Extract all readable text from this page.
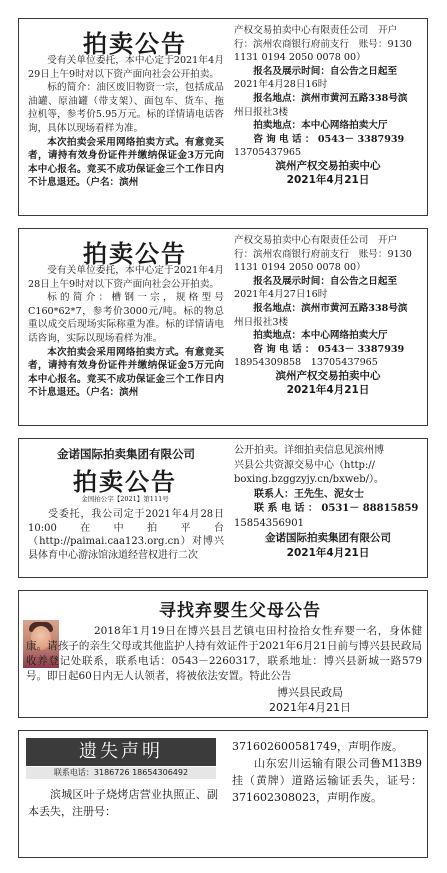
拍卖公告

受有关单位委托，本中心定于2021年4月29日上午9时对以下资产面向社会公开拍卖。

标的简介：油区废旧物资一宗，包括成品油罐、原油罐（带支架）、面包车、货车、拖拉机等，参考价5.95万元。标的详情请电话咨询，具体以现场看样为准。

本次拍卖会采用网络拍卖方式。有意竞买者，请持有效身份证件并缴纳保证金3万元向本中心报名。竞买不成功保证金三个工作日内不计息退还。（户名：滨州

产权交易拍卖中心有限责任公司　开户
行：滨州农商银行府前支行　账号：9130
1131 0194 2050 0078 00）
报名及展示时间：自公告之日起至
2021年4月28日16时
报名地点：滨州市黄河五路338号滨
州日报社3楼
拍卖地点：本中心网络拍卖大厅
咨 询 电 话 ： 0543－ 3387939
13705437965
滨州产权交易拍卖中心
2021年4月21日
拍卖公告

受有关单位委托，本中心定于2021年4月28日上午9时对以下资产面向社会公开拍卖。

标的简介：槽钢一宗，规格型号C160*62*7，参考价3000元/吨。标的物总重以成交后现场实际称重为准。标的详情请电话咨询，实际以现场看样为准。

本次拍卖会采用网络拍卖方式。有意竞买者，请持有效身份证件并缴纳保证金5万元向本中心报名。竞买不成功保证金三个工作日内不计息退还。（户名：滨州

产权交易拍卖中心有限责任公司　开户
行：滨州农商银行府前支行　账号：9130
1131 0194 2050 0078 00）
报名及展示时间：自公告之日起至
2021年4月27日16时
报名地点：滨州市黄河五路338号滨
州日报社3楼
拍卖地点：本中心网络拍卖大厅
咨 询 电 话 ： 0543－ 3387939
18954309858　13705437965
滨州产权交易拍卖中心
2021年4月21日
金诺国际拍卖集团有限公司
拍卖公告
金国拍公字【2021】第111号

受委托，我公司定于2021年4月28日10:00在中拍平台（http://paimai.caa123.org.cn）对博兴县体育中心游泳馆泳道经营权进行二次

公开拍卖。详细拍卖信息见滨州博
兴县公共资源交易中心（http://
boxing.bzggzyjy.cn/bxweb/）。
联系人：王先生、泥女士
联 系 电 话 ： 0531－ 88815859
15854356901
金诺国际拍卖集团有限公司
2021年4月21日
寻找弃婴生父母公告

2018年1月19日在博兴县吕艺镇屯田村捡拾女性弃婴一名，身体健康。请孩子的亲生父母或其他监护人持有效证件于2021年6月21日前与博兴县民政局收养登记处联系，联系电话：0543－2260317，联系地址：博兴县新城一路579号。即日起60日内无人认领者，将被依法安置。特此公告

博兴县民政局
2021年4月21日
遗失声明
联系电话：3186726 18654306492

滨城区叶子烧烤店营业执照正、副本丢失，注册号：

371602600581749，声明作废。

山东宏川运输有限公司鲁M13B9挂（黄牌）道路运输证丢失，证号：371602308023，声明作废。
